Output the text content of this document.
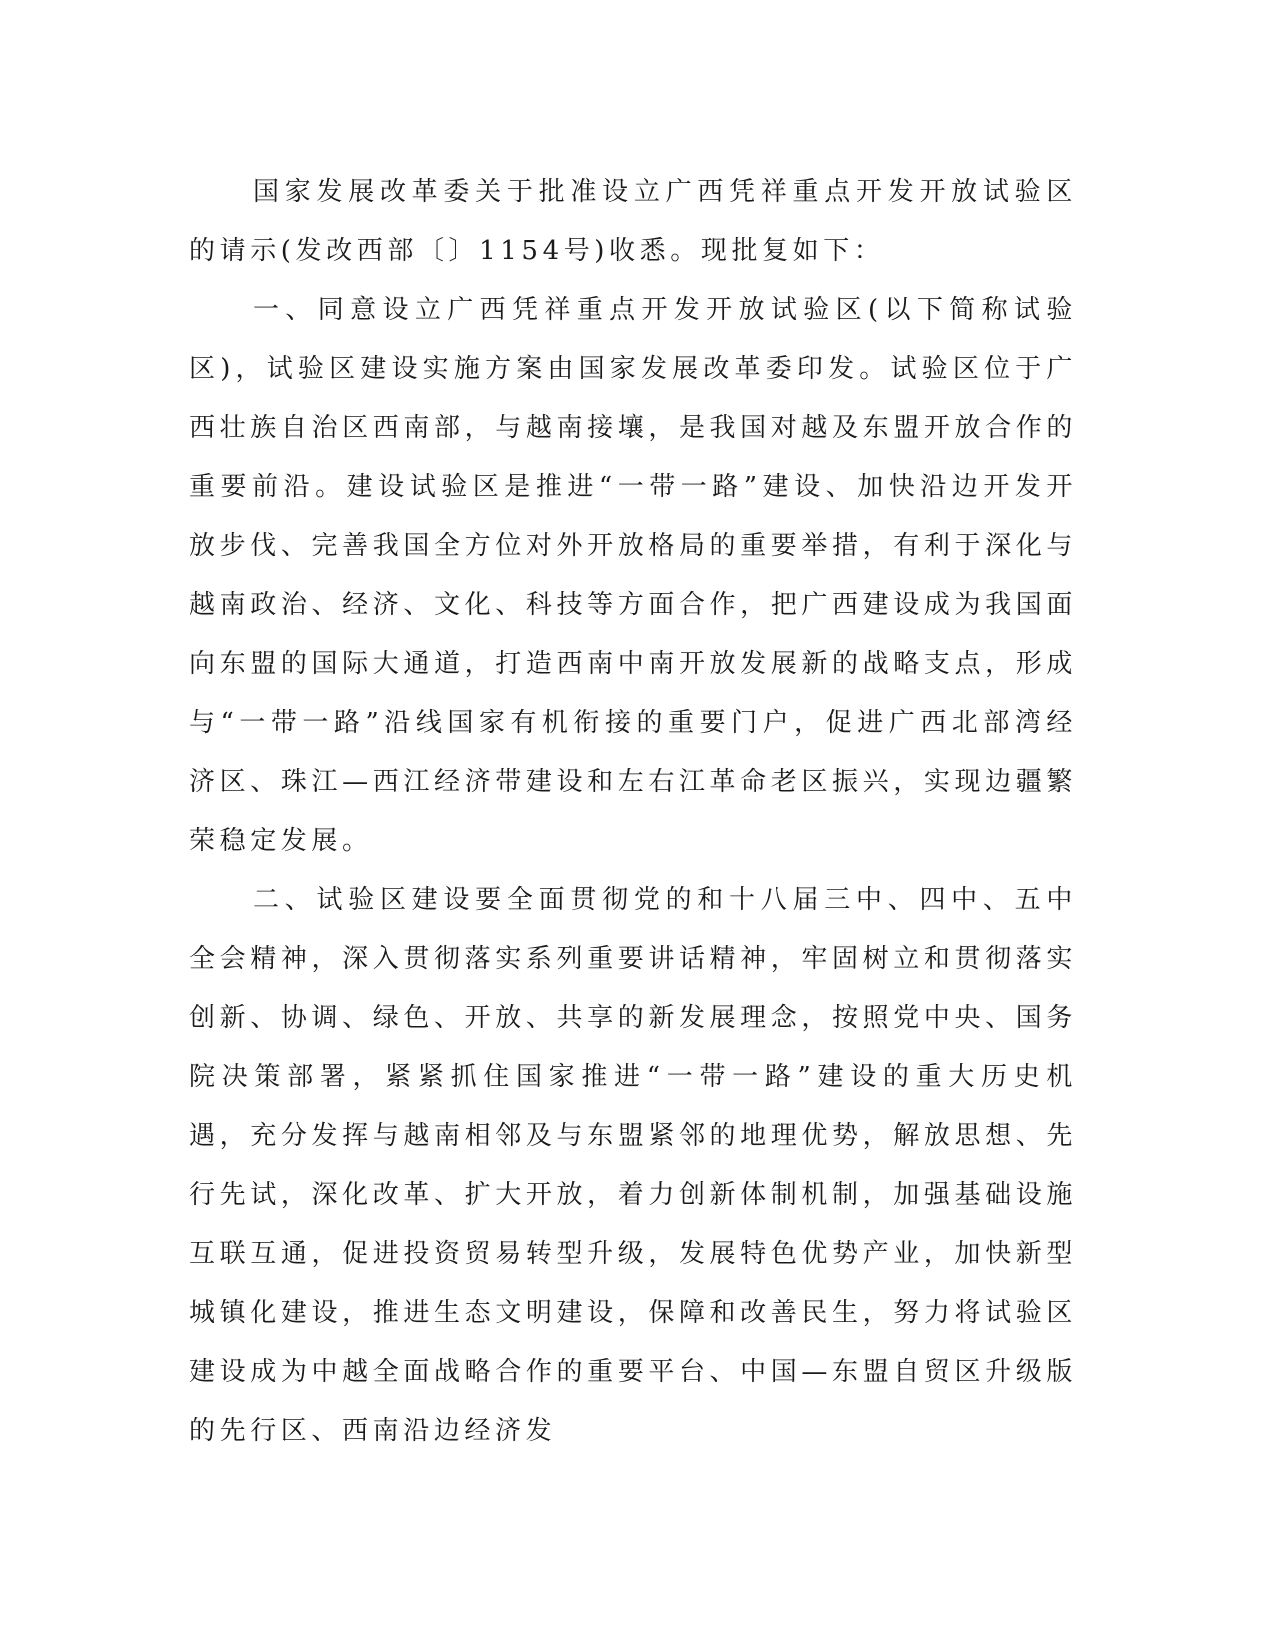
国家发展改革委关于批准设立广西凭祥重点开发开放试验区的请示(发改西部〔〕1154号)收悉。现批复如下：

一、同意设立广西凭祥重点开发开放试验区(以下简称试验区)，试验区建设实施方案由国家发展改革委印发。试验区位于广西壮族自治区西南部，与越南接壤，是我国对越及东盟开放合作的重要前沿。建设试验区是推进“一带一路”建设、加快沿边开发开放步伐、完善我国全方位对外开放格局的重要举措，有利于深化与越南政治、经济、文化、科技等方面合作，把广西建设成为我国面向东盟的国际大通道，打造西南中南开放发展新的战略支点，形成与“一带一路”沿线国家有机衔接的重要门户，促进广西北部湾经济区、珠江—西江经济带建设和左右江革命老区振兴，实现边疆繁荣稳定发展。

二、试验区建设要全面贯彻党的和十八届三中、四中、五中全会精神，深入贯彻落实系列重要讲话精神，牢固树立和贯彻落实创新、协调、绿色、开放、共享的新发展理念，按照党中央、国务院决策部署，紧紧抓住国家推进“一带一路”建设的重大历史机遇，充分发挥与越南相邻及与东盟紧邻的地理优势，解放思想、先行先试，深化改革、扩大开放，着力创新体制机制，加强基础设施互联互通，促进投资贸易转型升级，发展特色优势产业，加快新型城镇化建设，推进生态文明建设，保障和改善民生，努力将试验区建设成为中越全面战略合作的重要平台、中国—东盟自贸区升级版的先行区、西南沿边经济发
